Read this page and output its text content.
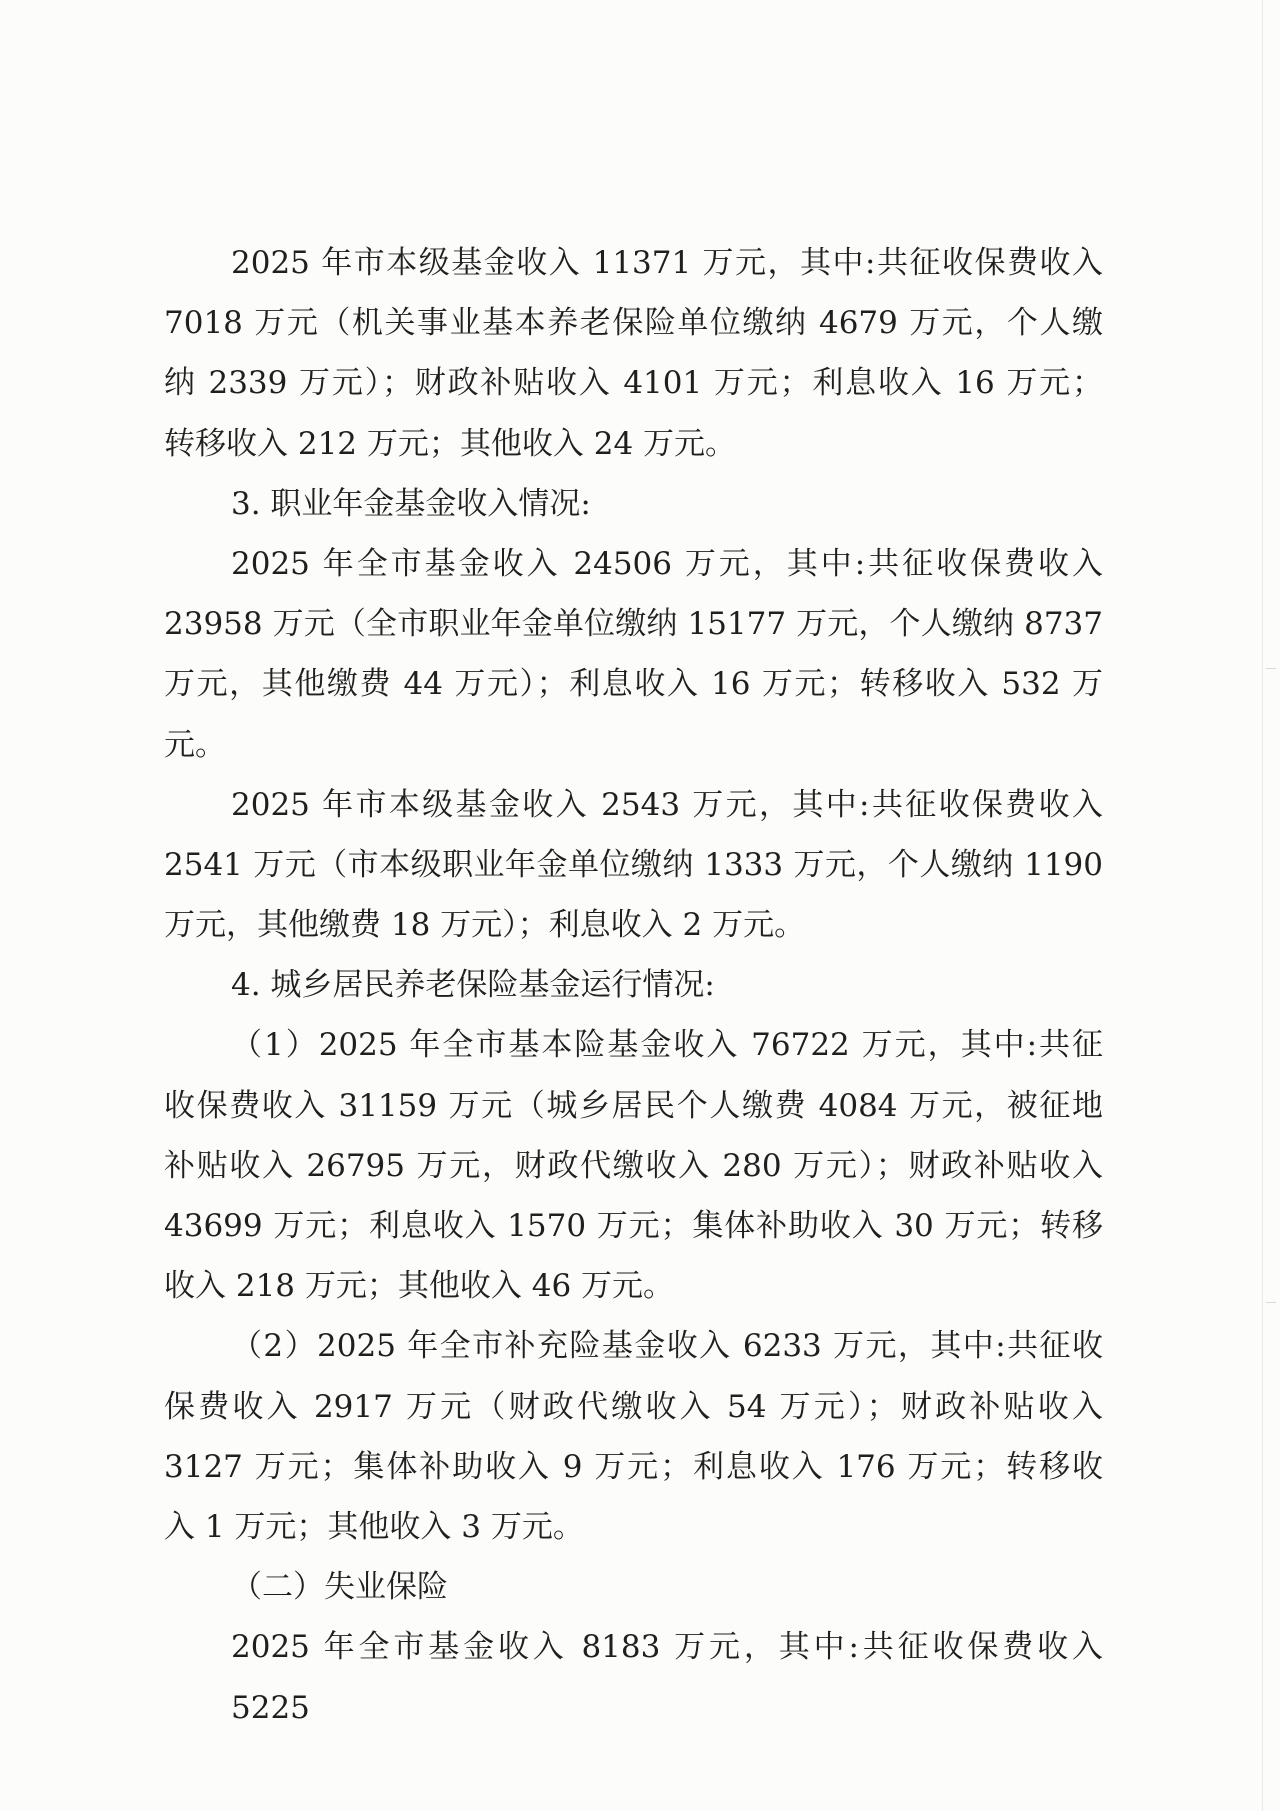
2025 年市本级基金收入 11371 万元，其中:共征收保费收入
7018 万元（机关事业基本养老保险单位缴纳 4679 万元，个人缴
纳 2339 万元）；财政补贴收入 4101 万元；利息收入 16 万元；
转移收入 212 万元；其他收入 24 万元。
3. 职业年金基金收入情况:
2025 年全市基金收入 24506 万元，其中:共征收保费收入
23958 万元（全市职业年金单位缴纳 15177 万元，个人缴纳 8737
万元，其他缴费 44 万元）；利息收入 16 万元；转移收入 532 万
元。
2025 年市本级基金收入 2543 万元，其中:共征收保费收入
2541 万元（市本级职业年金单位缴纳 1333 万元，个人缴纳 1190
万元，其他缴费 18 万元）；利息收入 2 万元。
4. 城乡居民养老保险基金运行情况:
（1）2025 年全市基本险基金收入 76722 万元，其中:共征
收保费收入 31159 万元（城乡居民个人缴费 4084 万元，被征地
补贴收入 26795 万元，财政代缴收入 280 万元）；财政补贴收入
43699 万元；利息收入 1570 万元；集体补助收入 30 万元；转移
收入 218 万元；其他收入 46 万元。
（2）2025 年全市补充险基金收入 6233 万元，其中:共征收
保费收入 2917 万元（财政代缴收入 54 万元）；财政补贴收入
3127 万元；集体补助收入 9 万元；利息收入 176 万元；转移收
入 1 万元；其他收入 3 万元。
（二）失业保险
2025 年全市基金收入 8183 万元，其中:共征收保费收入 5225
